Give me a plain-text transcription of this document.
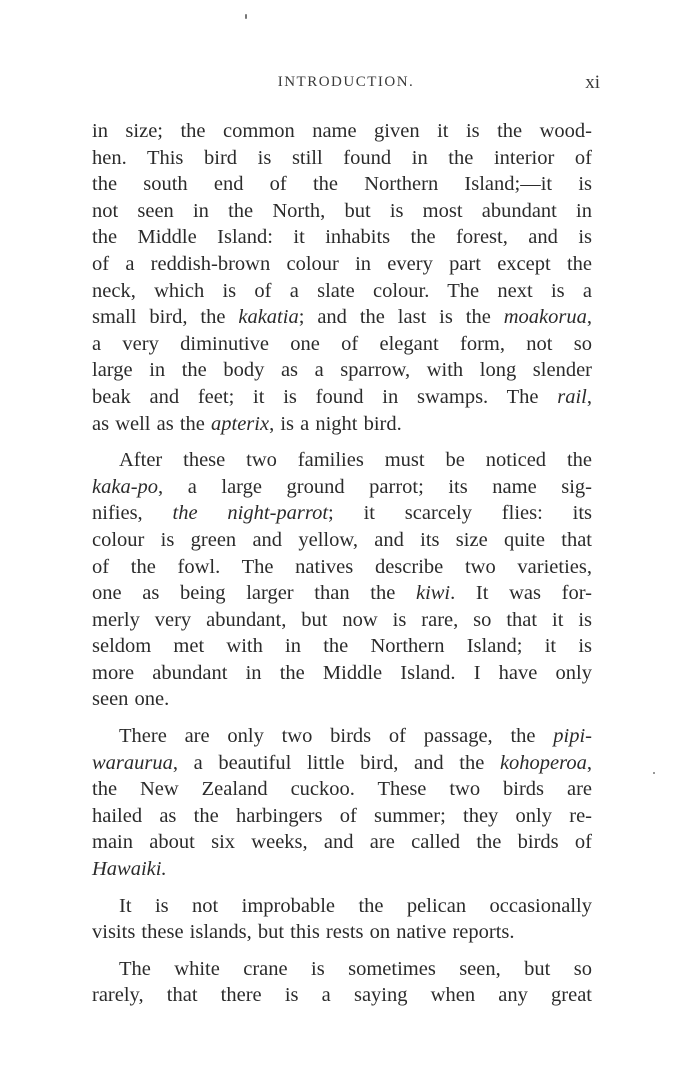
INTRODUCTION.	xi

in size; the common name given it is the wood-
hen. This bird is still found in the interior of
the south end of the Northern Island;—it is
not seen in the North, but is most abundant in
the Middle Island: it inhabits the forest, and is
of a reddish-brown colour in every part except the
neck, which is of a slate colour. The next is a
small bird, the kakatia; and the last is the moakorua,
a very diminutive one of elegant form, not so
large in the body as a sparrow, with long slender
beak and feet; it is found in swamps. The rail,
as well as the apterix, is a night bird.

After these two families must be noticed the
kaka-po, a large ground parrot; its name sig-
nifies, the night-parrot; it scarcely flies: its
colour is green and yellow, and its size quite that
of the fowl. The natives describe two varieties,
one as being larger than the kiwi. It was for-
merly very abundant, but now is rare, so that it is
seldom met with in the Northern Island; it is
more abundant in the Middle Island. I have only
seen one.

There are only two birds of passage, the pipi-
waraurua, a beautiful little bird, and the kohoperoa,
the New Zealand cuckoo. These two birds are
hailed as the harbingers of summer; they only re-
main about six weeks, and are called the birds of
Hawaiki.

It is not improbable the pelican occasionally
visits these islands, but this rests on native reports.

The white crane is sometimes seen, but so
rarely, that there is a saying when any great
